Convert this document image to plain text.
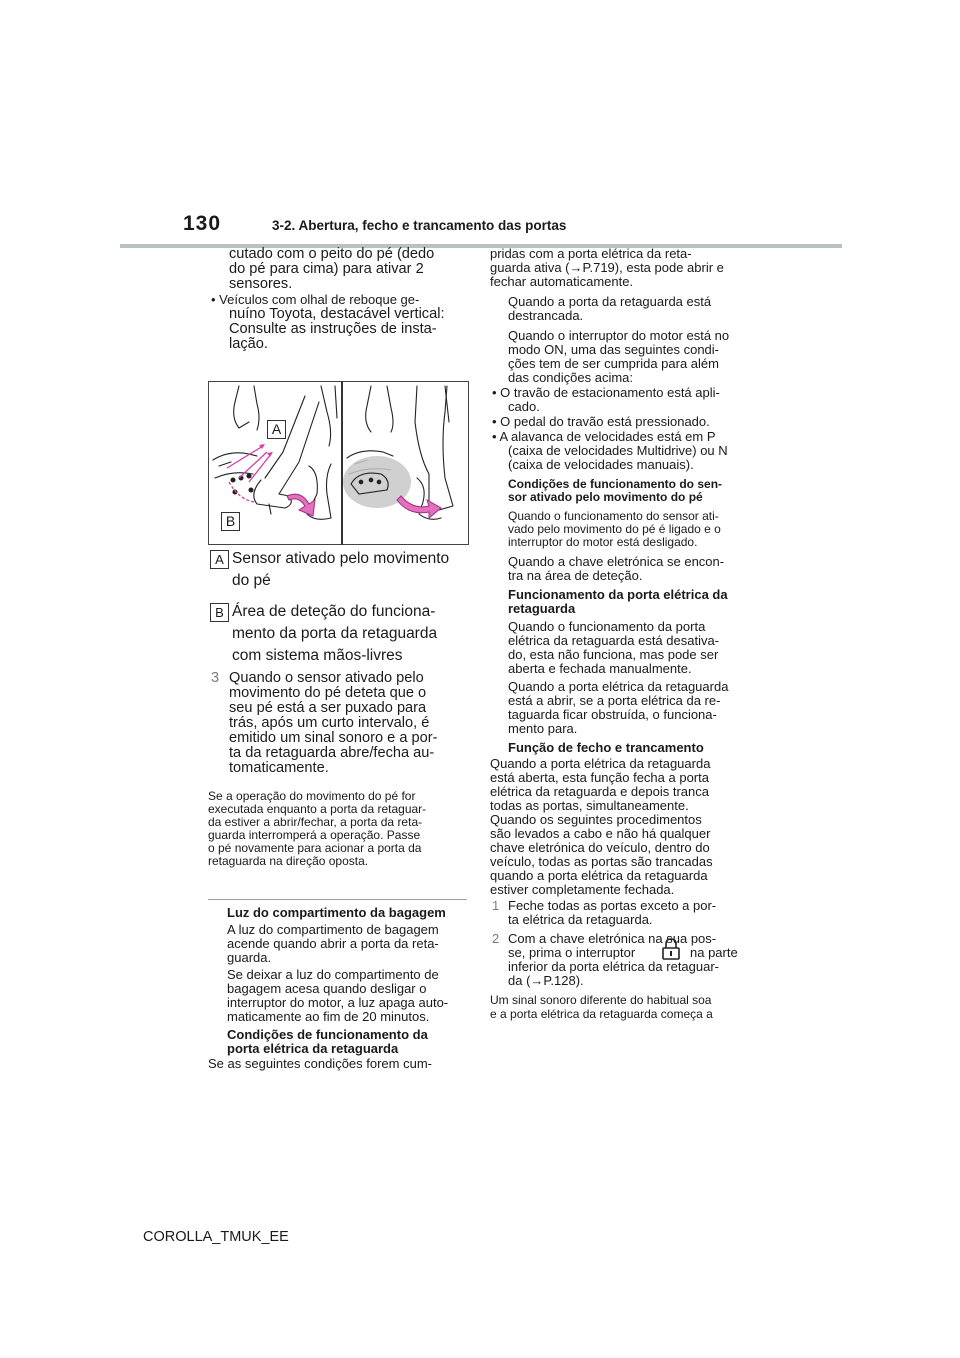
130	3-2. Abertura, fecho e trancamento das portas
cutado com o peito do pé (dedo
do pé para cima) para ativar 2
sensores.
• Veículos com olhal de reboque ge-
nuíno Toyota, destacável vertical:
Consulte as instruções de insta-
lação.
A
B
A Sensor ativado pelo movimento
do pé
B Área de deteção do funciona-
mento da porta da retaguarda
com sistema mãos-livres
3 Quando o sensor ativado pelo
movimento do pé deteta que o
seu pé está a ser puxado para
trás, após um curto intervalo, é
emitido um sinal sonoro e a por-
ta da retaguarda abre/fecha au-
tomaticamente.
Se a operação do movimento do pé for
executada enquanto a porta da retaguar-
da estiver a abrir/fechar, a porta da reta-
guarda interromperá a operação. Passe
o pé novamente para acionar a porta da
retaguarda na direção oposta.
Luz do compartimento da bagagem
A luz do compartimento de bagagem
acende quando abrir a porta da reta-
guarda.
Se deixar a luz do compartimento de
bagagem acesa quando desligar o
interruptor do motor, a luz apaga auto-
maticamente ao fim de 20 minutos.
Condições de funcionamento da
porta elétrica da retaguarda
Se as seguintes condições forem cum-
pridas com a porta elétrica da reta-
guarda ativa (→P.719), esta pode abrir e
fechar automaticamente.
Quando a porta da retaguarda está
destrancada.
Quando o interruptor do motor está no
modo ON, uma das seguintes condi-
ções tem de ser cumprida para além
das condições acima:
• O travão de estacionamento está apli-
cado.
• O pedal do travão está pressionado.
• A alavanca de velocidades está em P
(caixa de velocidades Multidrive) ou N
(caixa de velocidades manuais).
Condições de funcionamento do sen-
sor ativado pelo movimento do pé
Quando o funcionamento do sensor ati-
vado pelo movimento do pé é ligado e o
interruptor do motor está desligado.
Quando a chave eletrónica se encon-
tra na área de deteção.
Funcionamento da porta elétrica da
retaguarda
Quando o funcionamento da porta
elétrica da retaguarda está desativa-
do, esta não funciona, mas pode ser
aberta e fechada manualmente.
Quando a porta elétrica da retaguarda
está a abrir, se a porta elétrica da re-
taguarda ficar obstruída, o funciona-
mento para.
Função de fecho e trancamento
Quando a porta elétrica da retaguarda
está aberta, esta função fecha a porta
elétrica da retaguarda e depois tranca
todas as portas, simultaneamente.
Quando os seguintes procedimentos
são levados a cabo e não há qualquer
chave eletrónica do veículo, dentro do
veículo, todas as portas são trancadas
quando a porta elétrica da retaguarda
estiver completamente fechada.
1 Feche todas as portas exceto a por-
ta elétrica da retaguarda.
2 Com a chave eletrónica na sua pos-
se, prima o interruptor	na parte
inferior da porta elétrica da retaguar-
da (→P.128).
Um sinal sonoro diferente do habitual soa
e a porta elétrica da retaguarda começa a
COROLLA_TMUK_EE
